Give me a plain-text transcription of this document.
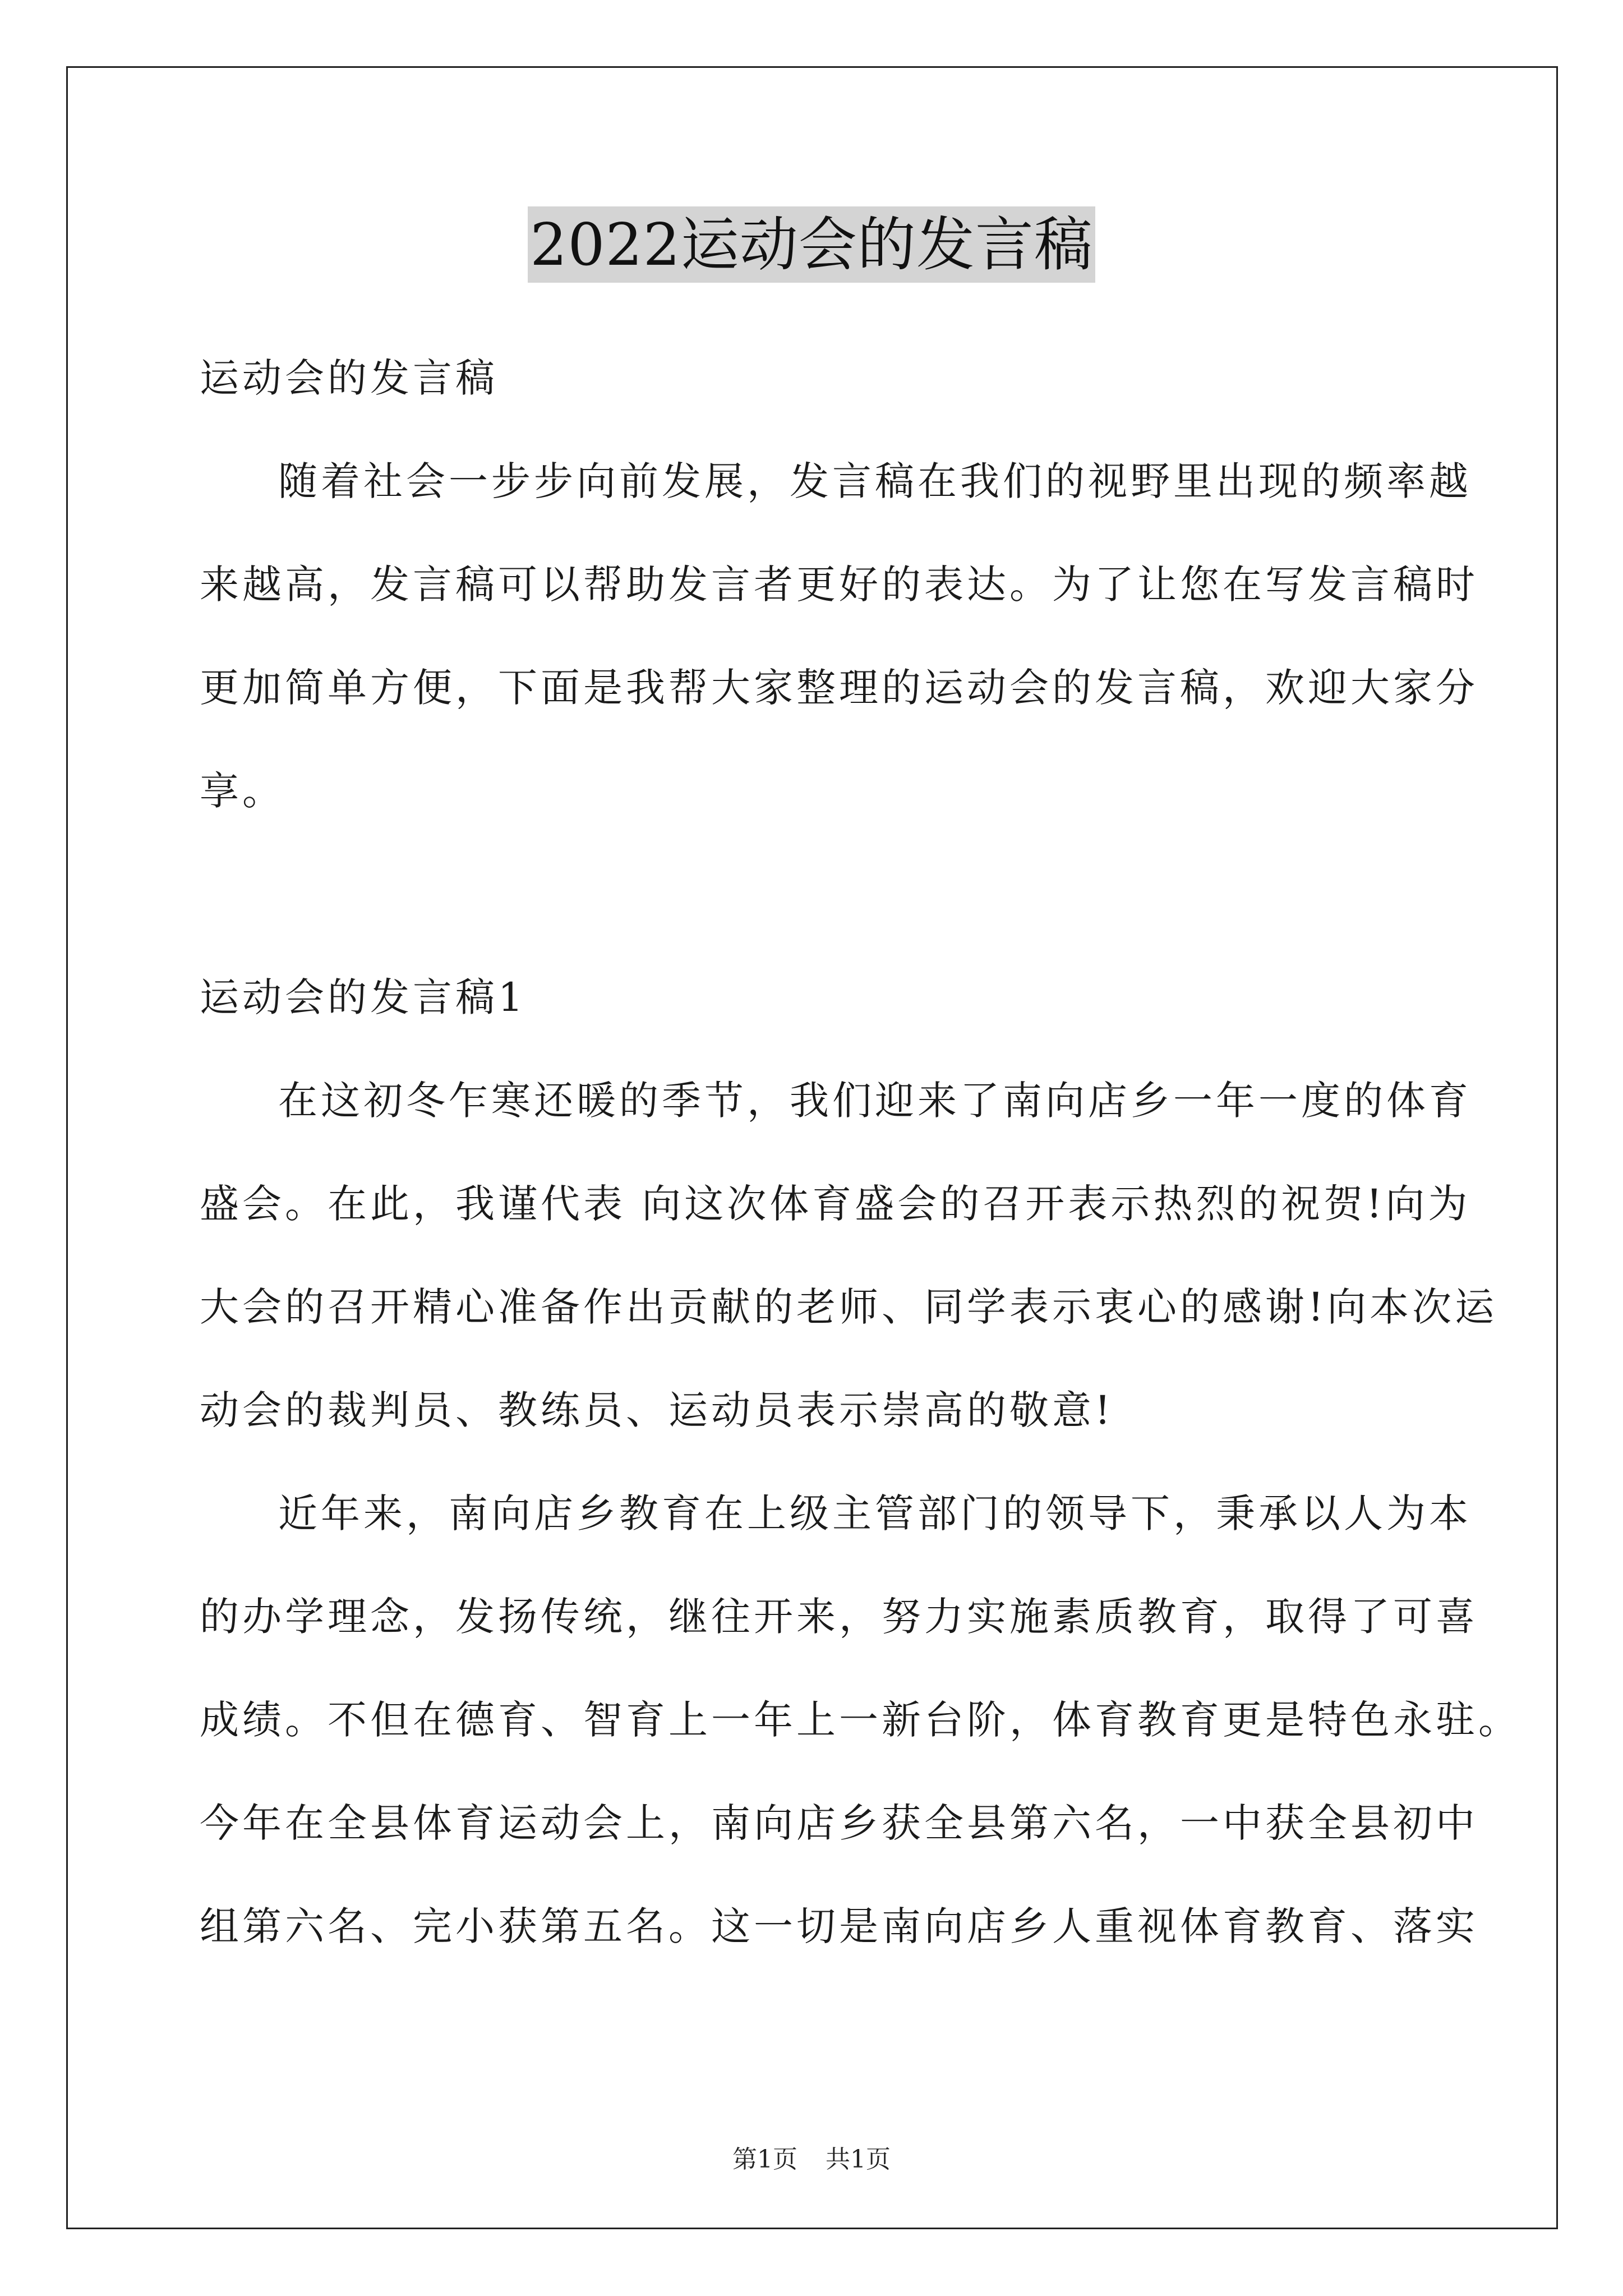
2022运动会的发言稿
运动会的发言稿
随着社会一步步向前发展，发言稿在我们的视野里出现的频率越
来越高，发言稿可以帮助发言者更好的表达。为了让您在写发言稿时
更加简单方便，下面是我帮大家整理的运动会的发言稿，欢迎大家分
享。
运动会的发言稿1
在这初冬乍寒还暖的季节，我们迎来了南向店乡一年一度的体育
盛会。在此，我谨代表 向这次体育盛会的召开表示热烈的祝贺!向为
大会的召开精心准备作出贡献的老师、同学表示衷心的感谢!向本次运
动会的裁判员、教练员、运动员表示崇高的敬意!
近年来，南向店乡教育在上级主管部门的领导下，秉承以人为本
的办学理念，发扬传统，继往开来，努力实施素质教育，取得了可喜
成绩。不但在德育、智育上一年上一新台阶，体育教育更是特色永驻。
今年在全县体育运动会上，南向店乡获全县第六名，一中获全县初中
组第六名、完小获第五名。这一切是南向店乡人重视体育教育、落实
第1页 共1页
